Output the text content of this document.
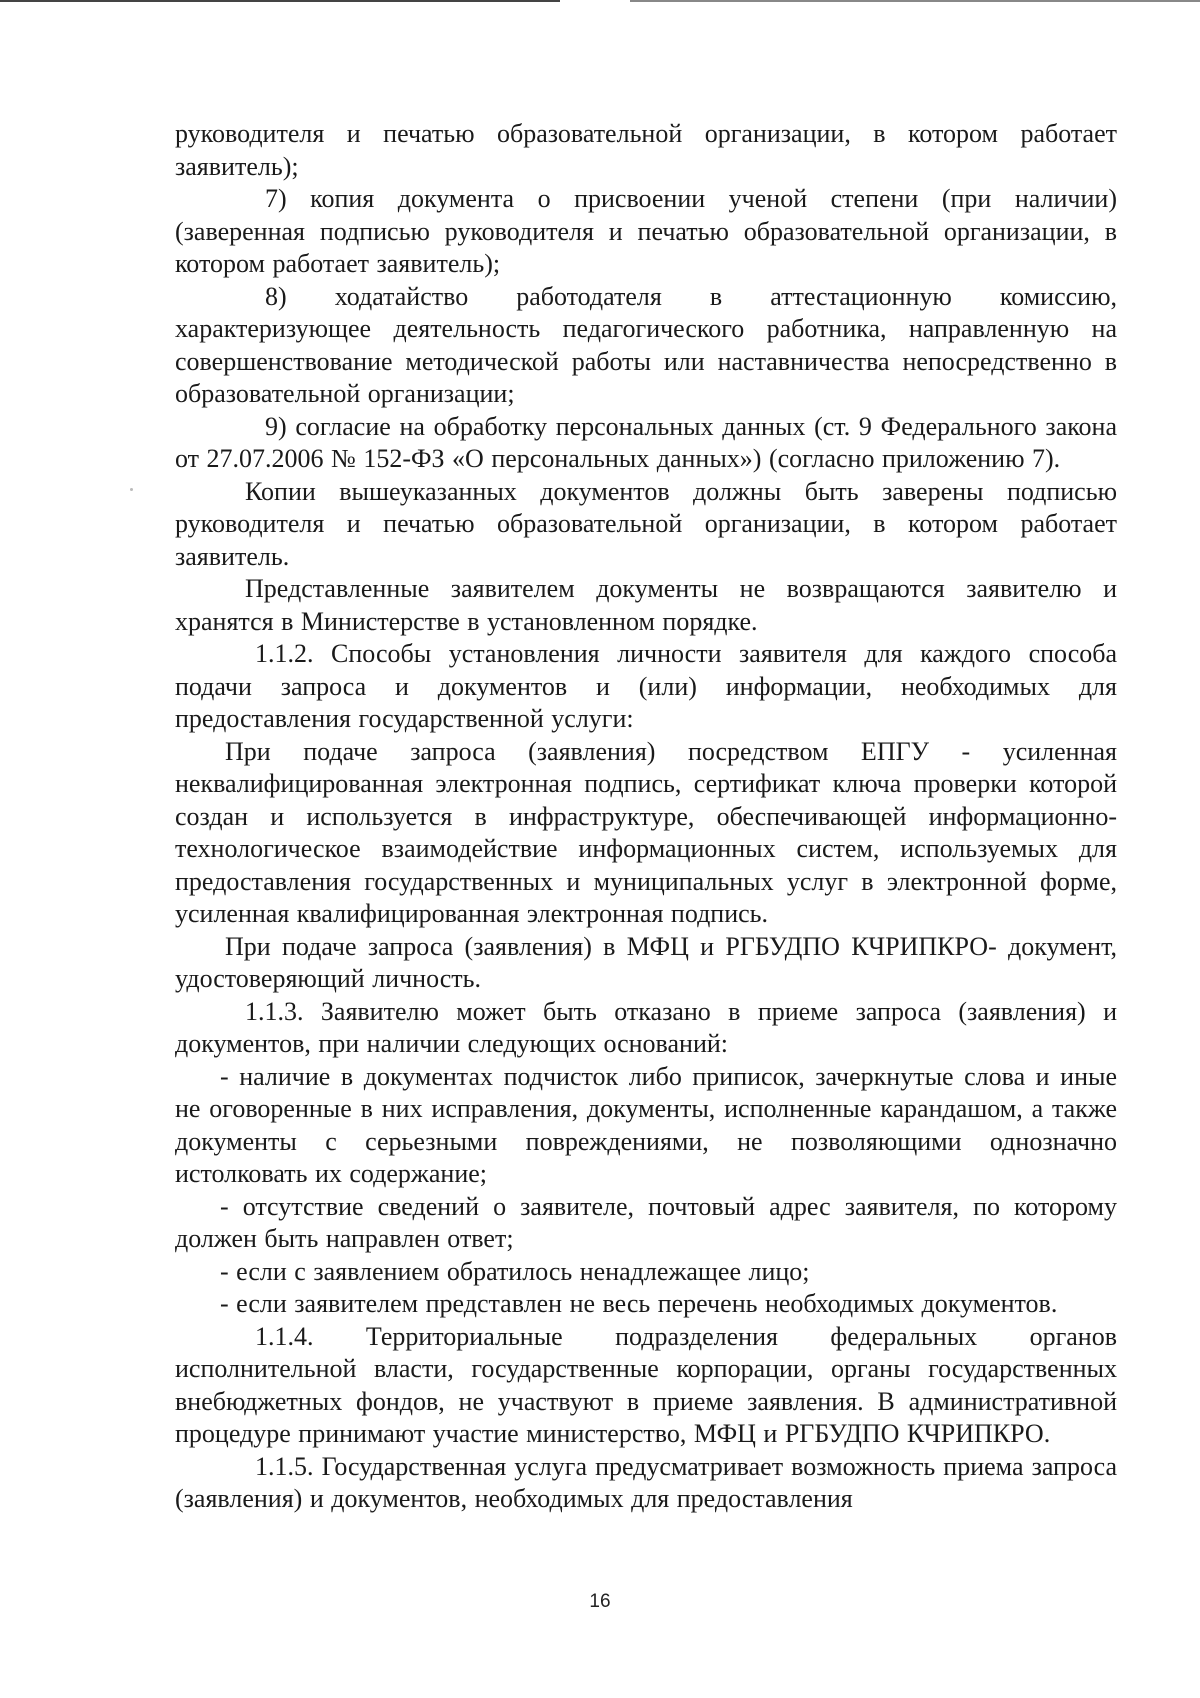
руководителя и печатью образовательной организации, в котором работает заявитель);

7) копия документа о присвоении ученой степени (при наличии) (заверенная подписью руководителя и печатью образовательной организации, в котором работает заявитель);

8) ходатайство работодателя в аттестационную комиссию, характеризующее деятельность педагогического работника, направленную на совершенствование методической работы или наставничества непосредственно в образовательной организации;

9) согласие на обработку персональных данных (ст. 9 Федерального закона от 27.07.2006 № 152-ФЗ «О персональных данных») (согласно приложению 7).

Копии вышеуказанных документов должны быть заверены подписью руководителя и печатью образовательной организации, в котором работает заявитель.

Представленные заявителем документы не возвращаются заявителю и хранятся в Министерстве в установленном порядке.

1.1.2. Способы установления личности заявителя для каждого способа подачи запроса и документов и (или) информации, необходимых для предоставления государственной услуги:

При подаче запроса (заявления) посредством ЕПГУ - усиленная неквалифицированная электронная подпись, сертификат ключа проверки которой создан и используется в инфраструктуре, обеспечивающей информационно-технологическое взаимодействие информационных систем, используемых для предоставления государственных и муниципальных услуг в электронной форме, усиленная квалифицированная электронная подпись.

При подаче запроса (заявления) в МФЦ и РГБУДПО КЧРИПКРО- документ, удостоверяющий личность.

1.1.3. Заявителю может быть отказано в приеме запроса (заявления) и документов, при наличии следующих оснований:

- наличие в документах подчисток либо приписок, зачеркнутые слова и иные не оговоренные в них исправления, документы, исполненные карандашом, а также документы с серьезными повреждениями, не позволяющими однозначно истолковать их содержание;

- отсутствие сведений о заявителе, почтовый адрес заявителя, по которому должен быть направлен ответ;

- если с заявлением обратилось ненадлежащее лицо;

- если заявителем представлен не весь перечень необходимых документов.

1.1.4. Территориальные подразделения федеральных органов исполнительной власти, государственные корпорации, органы государственных внебюджетных фондов, не участвуют в приеме заявления. В административной процедуре принимают участие министерство, МФЦ и РГБУДПО КЧРИПКРО.

1.1.5. Государственная услуга предусматривает возможность приема запроса (заявления) и документов, необходимых для предоставления

16
